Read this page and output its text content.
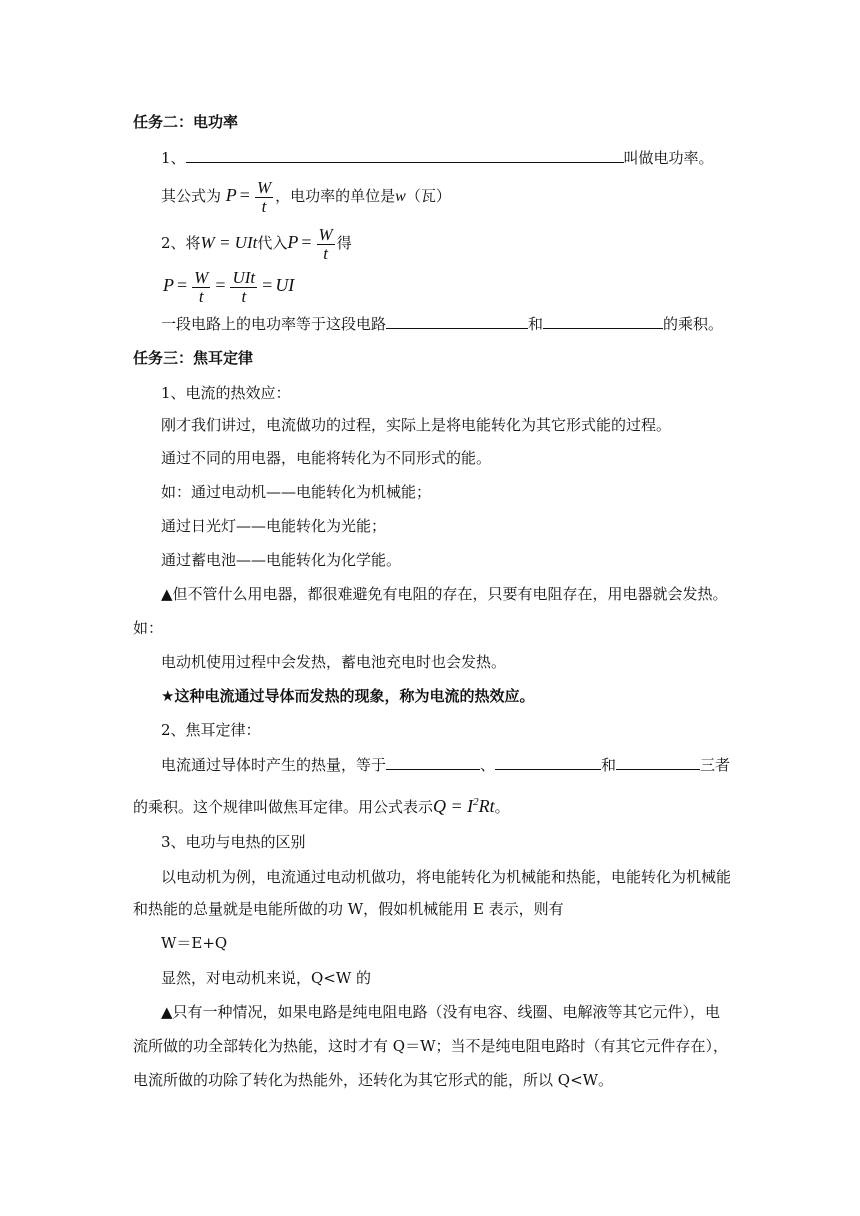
任务二：电功率
1、	叫做电功率。
其公式为 $P = \frac{W}{t}$ ，电功率的单位是w（瓦）
2、将W = UIt代入$P = \frac{W}{t}$ 得
$P = \frac{W}{t} = \frac{\text{UIt}}{t}$ = UI
一段电路上的电功率等于这段电路	和	的乘积。
任务三：焦耳定律
1、电流的热效应：
刚才我们讲过，电流做功的过程，实际上是将电能转化为其它形式能的过程。
通过不同的用电器，电能将转化为不同形式的能。
如：通过电动机——电能转化为机械能；
通过日光灯——电能转化为光能；
通过蓄电池——电能转化为化学能。
▲但不管什么用电器，都很难避免有电阻的存在，只要有电阻存在，用电器就会发热。
如：
电动机使用过程中会发热，蓄电池充电时也会发热。
★这种电流通过导体而发热的现象，称为电流的热效应。
2、焦耳定律：
电流通过导体时产生的热量，等于	、	和	三者
的乘积。这个规律叫做焦耳定律。用公式表示$Q = I^2Rt$。
3、电功与电热的区别
以电动机为例，电流通过电动机做功，将电能转化为机械能和热能，电能转化为机械能
和热能的总量就是电能所做的功 W，假如机械能用 E 表示，则有
W＝E+Q
显然，对电动机来说，Q<W 的
▲只有一种情况，如果电路是纯电阻电路（没有电容、线圈、电解液等其它元件），电
流所做的功全部转化为热能，这时才有 Q＝W；当不是纯电阻电路时（有其它元件存在），
电流所做的功除了转化为热能外，还转化为其它形式的能，所以 Q<W。
